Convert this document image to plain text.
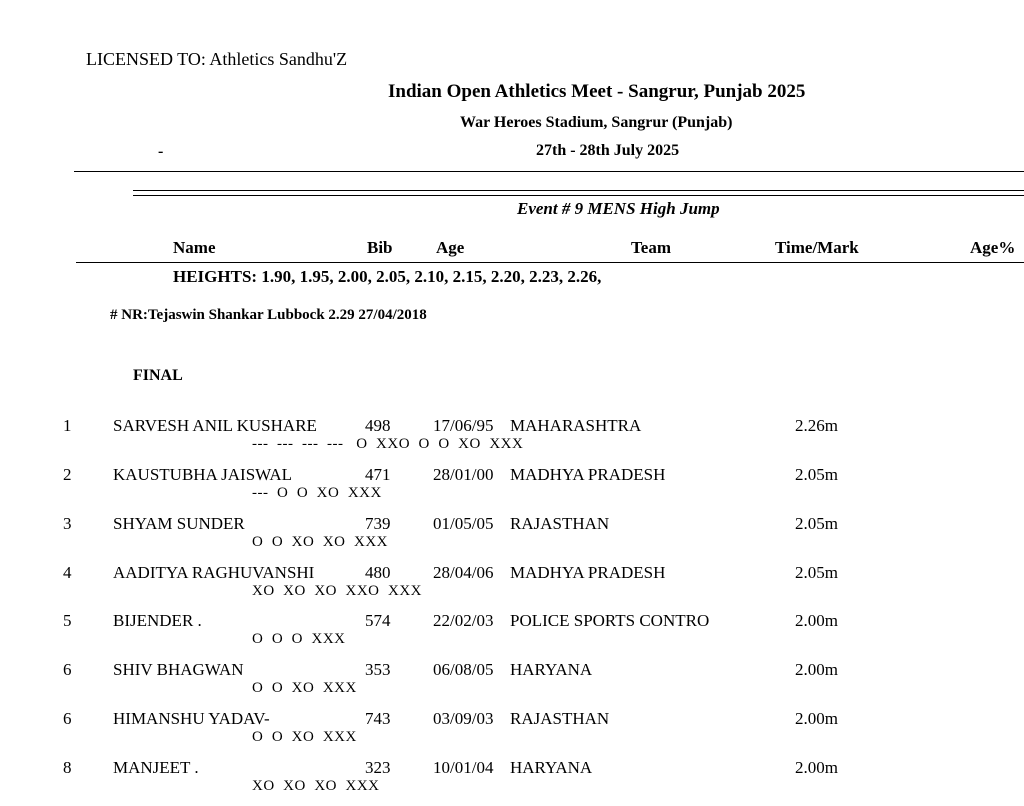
LICENSED TO: Athletics Sandhu'Z
Indian Open Athletics Meet - Sangrur, Punjab 2025
War Heroes Stadium, Sangrur (Punjab)
-	27th - 28th July 2025
Event # 9 MENS High Jump
Name	Bib	Age	Team	Time/Mark	Age%
HEIGHTS: 1.90, 1.95, 2.00, 2.05, 2.10, 2.15, 2.20, 2.23, 2.26,
# NR:Tejaswin Shankar Lubbock 2.29 27/04/2018
FINAL
1 SARVESH ANIL KUSHARE	498	17/06/95 MAHARASHTRA	2.26m
---  ---  ---  ---   O  XXO  O  O  XO  XXX
2 KAUSTUBHA JAISWAL	471	28/01/00 MADHYA PRADESH	2.05m
---  O  O  XO  XXX
3 SHYAM SUNDER	739	01/05/05 RAJASTHAN	2.05m
O  O  XO  XO  XXX
4 AADITYA RAGHUVANSHI	480	28/04/06 MADHYA PRADESH	2.05m
XO  XO  XO  XXO  XXX
5 BIJENDER .	574	22/02/03 POLICE SPORTS CONTRO	2.00m
O  O  O  XXX
6 SHIV BHAGWAN	353	06/08/05 HARYANA	2.00m
O  O  XO  XXX
6 HIMANSHU YADAV-	743	03/09/03 RAJASTHAN	2.00m
O  O  XO  XXX
8 MANJEET .	323	10/01/04 HARYANA	2.00m
XO  XO  XO  XXX
